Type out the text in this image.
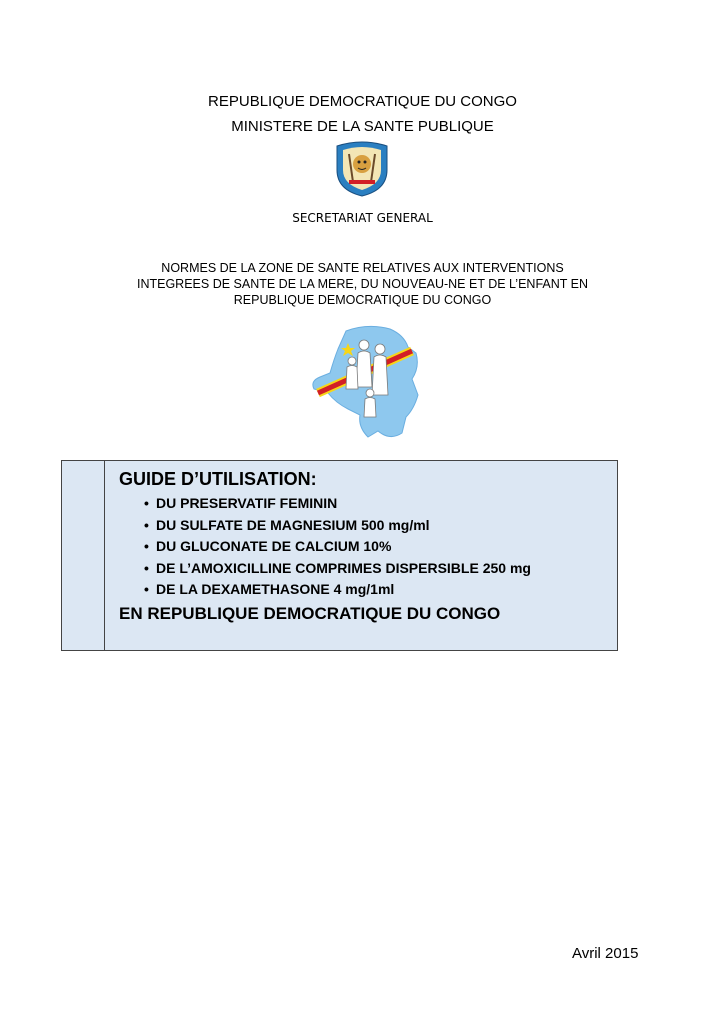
REPUBLIQUE DEMOCRATIQUE DU CONGO
MINISTERE DE LA SANTE PUBLIQUE
SECRETARIAT GENERAL
NORMES DE LA ZONE DE SANTE RELATIVES AUX INTERVENTIONS
INTEGREES DE SANTE DE LA MERE, DU NOUVEAU-NE ET DE L’ENFANT EN
REPUBLIQUE DEMOCRATIQUE DU CONGO
GUIDE D’UTILISATION:
• DU PRESERVATIF FEMININ
• DU SULFATE DE MAGNESIUM 500 mg/ml
• DU GLUCONATE DE CALCIUM 10%
• DE L’AMOXICILLINE COMPRIMES DISPERSIBLE 250 mg
• DE LA DEXAMETHASONE 4 mg/1ml
EN REPUBLIQUE DEMOCRATIQUE DU CONGO
Avril 2015
